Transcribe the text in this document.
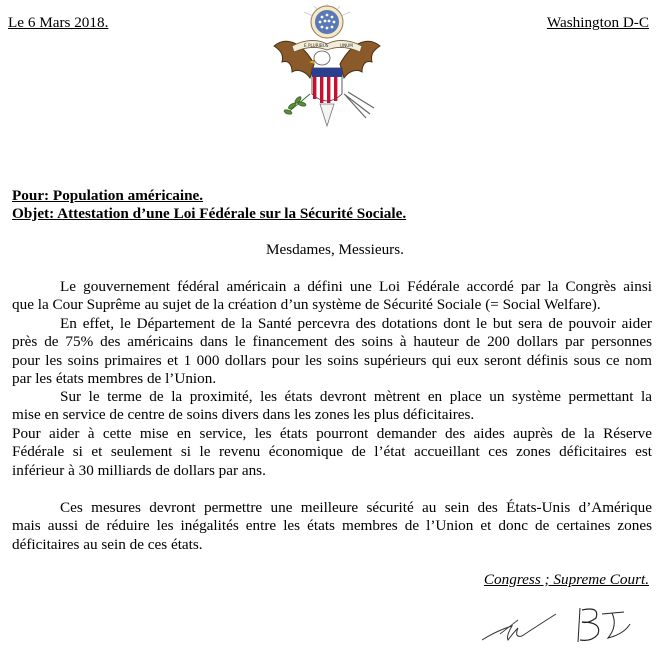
Le 6 Mars 2018.	Washington D-C
E PLURIBUS	UNUM
Pour: Population américaine.
Objet: Attestation d’une Loi Fédérale sur la Sécurité Sociale.
Mesdames, Messieurs.
Le gouvernement fédéral américain a défini une Loi Fédérale accordé par la Congrès ainsi
que la Cour Suprême au sujet de la création d’un système de Sécurité Sociale (= Social Welfare).
En effet, le Département de la Santé percevra des dotations dont le but sera de pouvoir aider
près de 75% des américains dans le financement des soins à hauteur de 200 dollars par personnes
pour les soins primaires et 1 000 dollars pour les soins supérieurs qui eux seront définis sous ce nom
par les états membres de l’Union.
Sur le terme de la proximité, les états devront mètrent en place un système permettant la
mise en service de centre de soins divers dans les zones les plus déficitaires.
Pour aider à cette mise en service, les états pourront demander des aides auprès de la Réserve
Fédérale si et seulement si le revenu économique de l’état accueillant ces zones déficitaires est
inférieur à 30 milliards de dollars par ans.
Ces mesures devront permettre une meilleure sécurité au sein des États-Unis d’Amérique
mais aussi de réduire les inégalités entre les états membres de l’Union et donc de certaines zones
déficitaires au sein de ces états.
Congress ; Supreme Court.
